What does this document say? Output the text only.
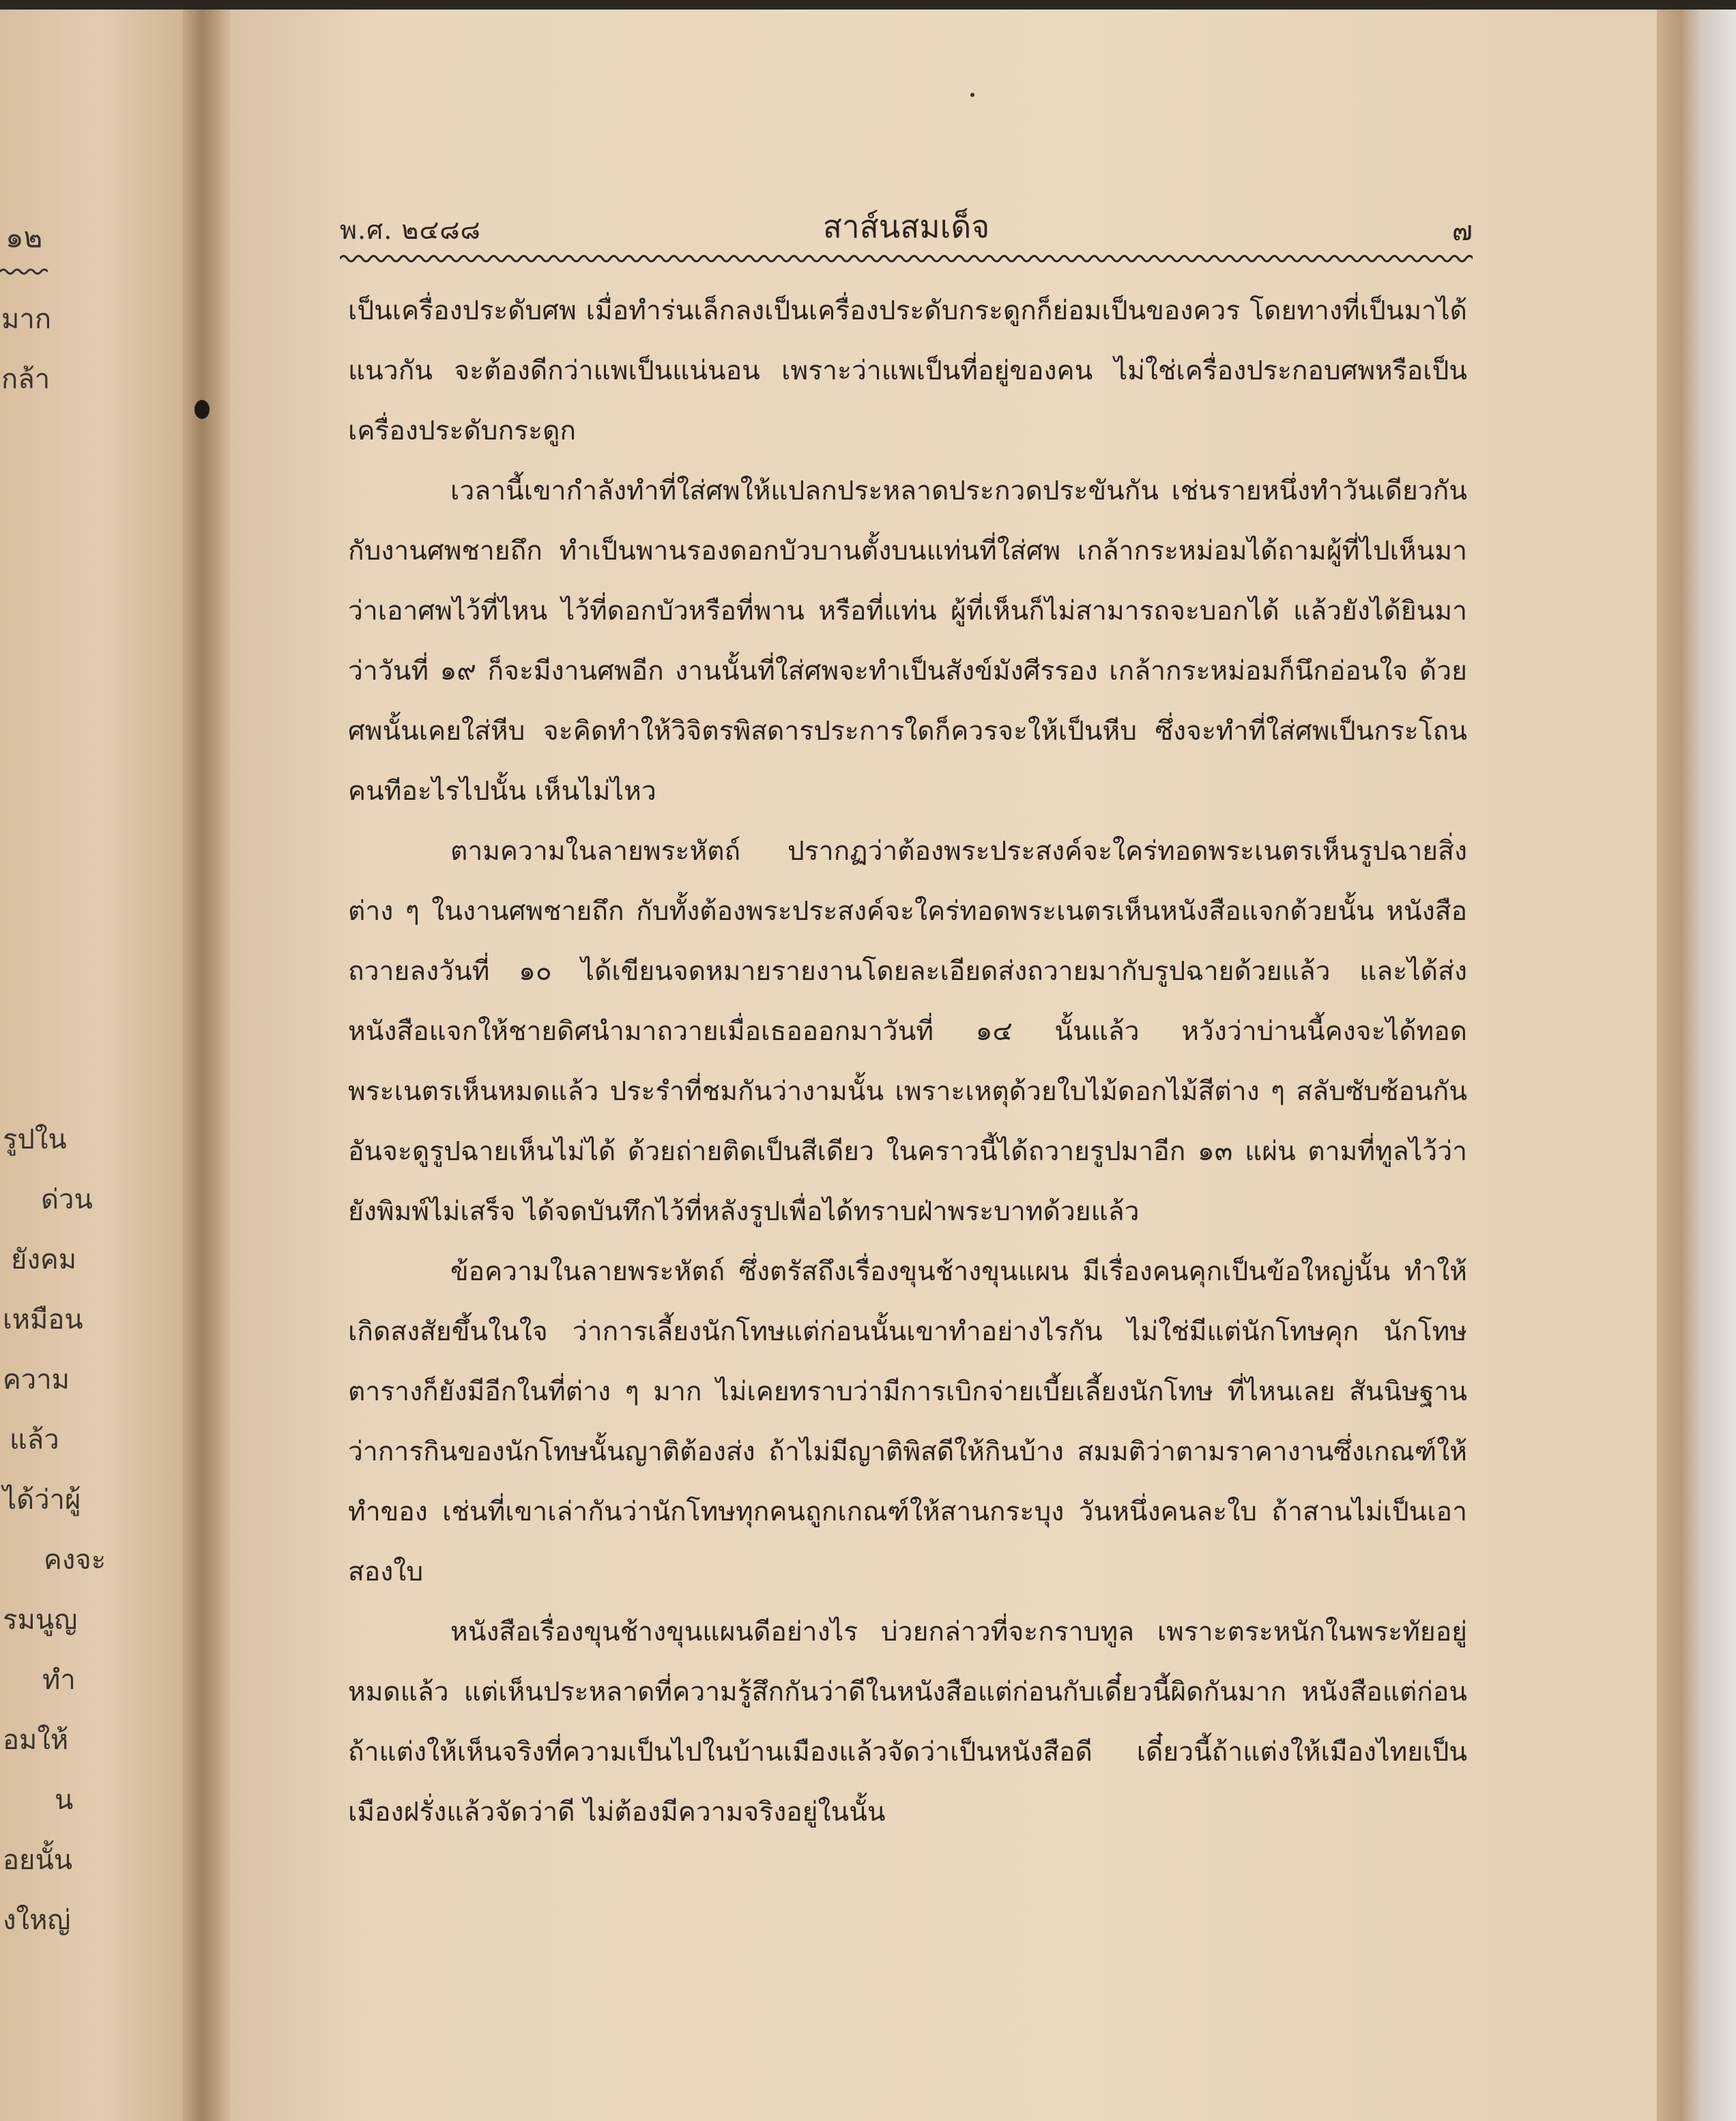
๑๒
มาก
กล้า
รูปใน
ด่วน
ยังคม
เหมือน
ความ
แล้ว
ได้ว่าผู้
คงจะ
รมนูญ
ทำ
อมให้
น
อยนั้น
งใหญ่
พ.ศ. ๒๔๘๘	สาส์นสมเด็จ	๗

เป็นเครื่องประดับศพ เมื่อทำร่นเล็กลงเป็นเครื่องประดับกระดูกก็ย่อมเป็นของควร โดยทางที่เป็นมาได้แนวกัน จะต้องดีกว่าแพเป็นแน่นอน เพราะว่าแพเป็นที่อยู่ของคน ไม่ใช่เครื่องประกอบศพหรือเป็นเครื่องประดับกระดูก

เวลานี้เขากำลังทำที่ใส่ศพให้แปลกประหลาดประกวดประขันกัน เช่นรายหนึ่งทำวันเดียวกันกับงานศพชายถึก ทำเป็นพานรองดอกบัวบานตั้งบนแท่นที่ใส่ศพ เกล้ากระหม่อมได้ถามผู้ที่ไปเห็นมา ว่าเอาศพไว้ที่ไหน ไว้ที่ดอกบัวหรือที่พาน หรือที่แท่น ผู้ที่เห็นก็ไม่สามารถจะบอกได้ แล้วยังได้ยินมาว่าวันที่ ๑๙ ก็จะมีงานศพอีก งานนั้นที่ใส่ศพจะทำเป็นสังข์มังศีรรอง เกล้ากระหม่อมก็นึกอ่อนใจ ด้วยศพนั้นเคยใส่หีบ จะคิดทำให้วิจิตรพิสดารประการใดก็ควรจะให้เป็นหีบ ซึ่งจะทำที่ใส่ศพเป็นกระโถนคนทีอะไรไปนั้น เห็นไม่ไหว

ตามความในลายพระหัตถ์ ปรากฏว่าต้องพระประสงค์จะใคร่ทอดพระเนตรเห็นรูปฉายสิ่งต่าง ๆ ในงานศพชายถึก กับทั้งต้องพระประสงค์จะใคร่ทอดพระเนตรเห็นหนังสือแจกด้วยนั้น หนังสือถวายลงวันที่ ๑๐ ได้เขียนจดหมายรายงานโดยละเอียดส่งถวายมากับรูปฉายด้วยแล้ว และได้ส่งหนังสือแจกให้ชายดิศนำมาถวายเมื่อเธอออกมาวันที่ ๑๔ นั้นแล้ว หวังว่าบ่านนี้คงจะได้ทอดพระเนตรเห็นหมดแล้ว ประรำที่ชมกันว่างามนั้น เพราะเหตุด้วยใบไม้ดอกไม้สีต่าง ๆ สลับซับซ้อนกัน อันจะดูรูปฉายเห็นไม่ได้ ด้วยถ่ายติดเป็นสีเดียว ในคราวนี้ได้ถวายรูปมาอีก ๑๓ แผ่น ตามที่ทูลไว้ว่ายังพิมพ์ไม่เสร็จ ได้จดบันทึกไว้ที่หลังรูปเพื่อได้ทราบฝ่าพระบาทด้วยแล้ว

ข้อความในลายพระหัตถ์ ซึ่งตรัสถึงเรื่องขุนช้างขุนแผน มีเรื่องคนคุกเป็นข้อใหญ่นั้น ทำให้เกิดสงสัยขึ้นในใจ ว่าการเลี้ยงนักโทษแต่ก่อนนั้นเขาทำอย่างไรกัน ไม่ใช่มีแต่นักโทษคุก นักโทษตารางก็ยังมีอีกในที่ต่าง ๆ มาก ไม่เคยทราบว่ามีการเบิกจ่ายเบี้ยเลี้ยงนักโทษ ที่ไหนเลย สันนิษฐานว่าการกินของนักโทษนั้นญาติต้องส่ง ถ้าไม่มีญาติพิสดีให้กินบ้าง สมมติว่าตามราคางานซึ่งเกณฑ์ให้ทำของ เช่นที่เขาเล่ากันว่านักโทษทุกคนถูกเกณฑ์ให้สานกระบุง วันหนึ่งคนละใบ ถ้าสานไม่เป็นเอาสองใบ

หนังสือเรื่องขุนช้างขุนแผนดีอย่างไร บ่วยกล่าวที่จะกราบทูล เพราะตระหนักในพระทัยอยู่หมดแล้ว แต่เห็นประหลาดที่ความรู้สึกกันว่าดีในหนังสือแต่ก่อนกับเดี๋ยวนี้ผิดกันมาก หนังสือแต่ก่อนถ้าแต่งให้เห็นจริงที่ความเป็นไปในบ้านเมืองแล้วจัดว่าเป็นหนังสือดี เดี๋ยวนี้ถ้าแต่งให้เมืองไทยเป็นเมืองฝรั่งแล้วจัดว่าดี ไม่ต้องมีความจริงอยู่ในนั้น
